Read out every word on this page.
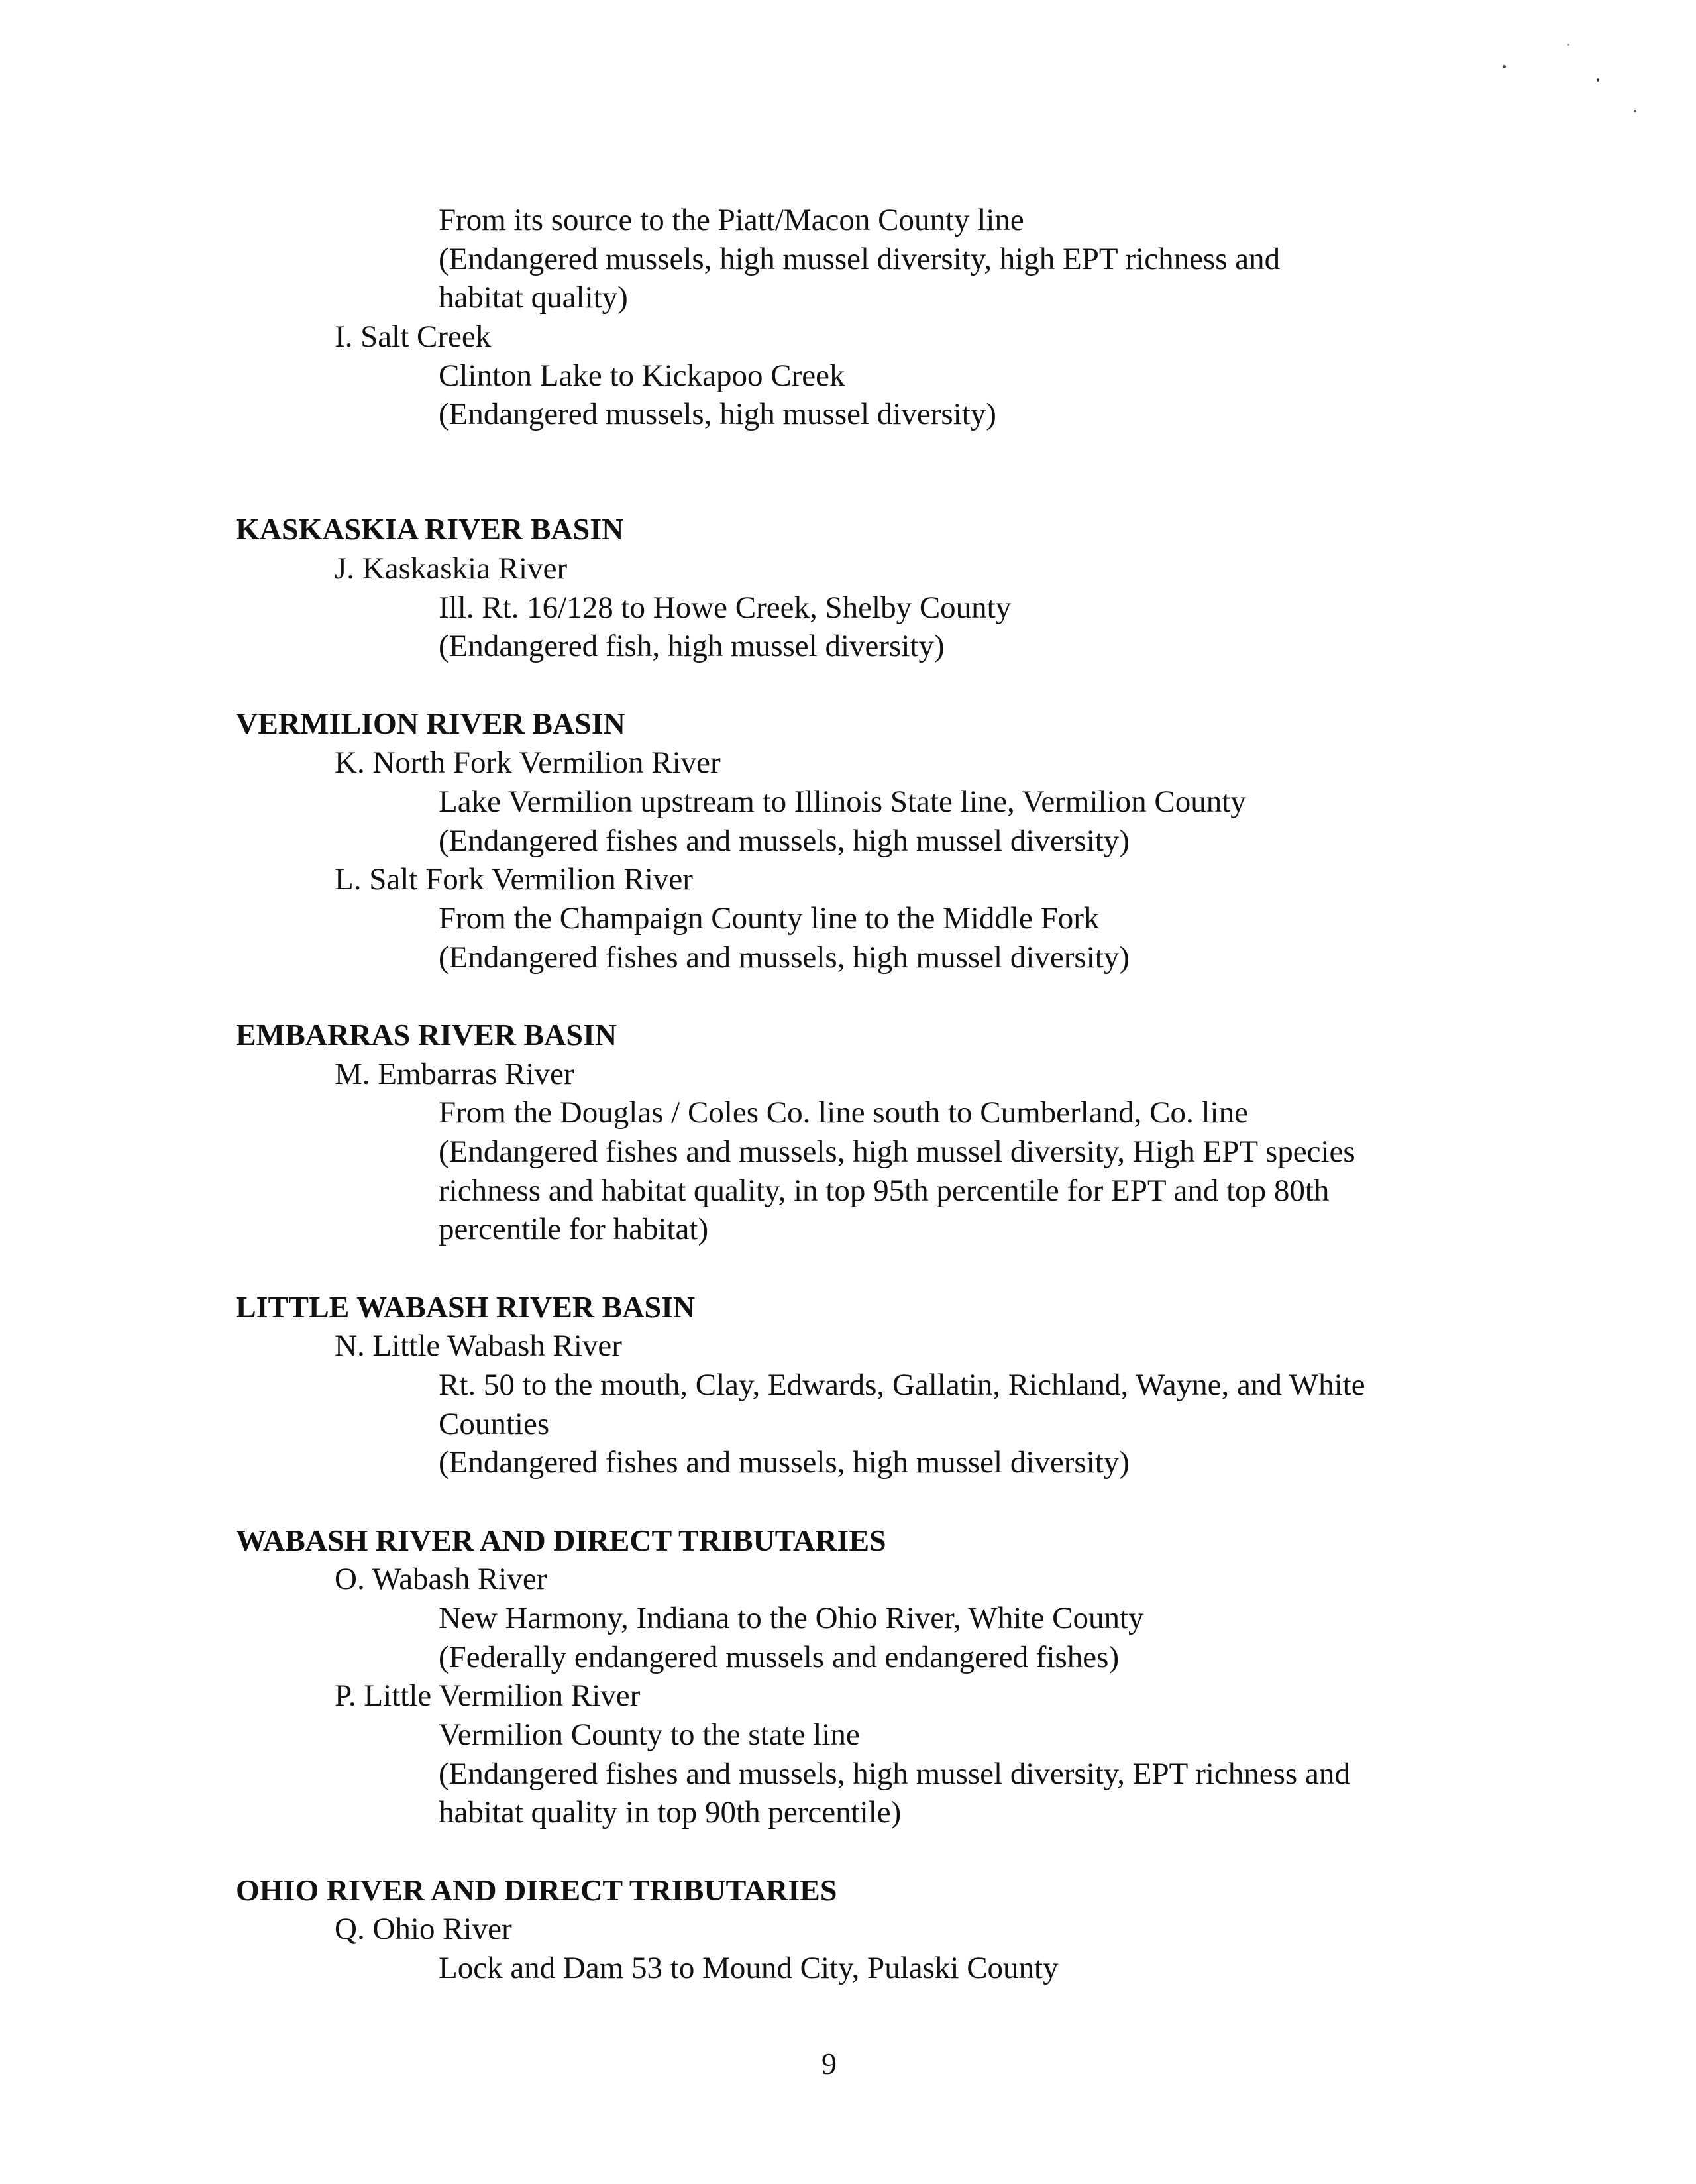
From its source to the Piatt/Macon County line
(Endangered mussels, high mussel diversity, high EPT richness and
habitat quality)
I. Salt Creek
Clinton Lake to Kickapoo Creek
(Endangered mussels, high mussel diversity)
KASKASKIA RIVER BASIN
J. Kaskaskia River
Ill. Rt. 16/128 to Howe Creek, Shelby County
(Endangered fish, high mussel diversity)
VERMILION RIVER BASIN
K. North Fork Vermilion River
Lake Vermilion upstream to Illinois State line, Vermilion County
(Endangered fishes and mussels, high mussel diversity)
L. Salt Fork Vermilion River
From the Champaign County line to the Middle Fork
(Endangered fishes and mussels, high mussel diversity)
EMBARRAS RIVER BASIN
M. Embarras River
From the Douglas / Coles Co. line south to Cumberland, Co. line
(Endangered fishes and mussels, high mussel diversity, High EPT species
richness and habitat quality, in top 95th percentile for EPT and top 80th
percentile for habitat)
LITTLE WABASH RIVER BASIN
N. Little Wabash River
Rt. 50 to the mouth, Clay, Edwards, Gallatin, Richland, Wayne, and White
Counties
(Endangered fishes and mussels, high mussel diversity)
WABASH RIVER AND DIRECT TRIBUTARIES
O. Wabash River
New Harmony, Indiana to the Ohio River, White County
(Federally endangered mussels and endangered fishes)
P. Little Vermilion River
Vermilion County to the state line
(Endangered fishes and mussels, high mussel diversity, EPT richness and
habitat quality in top 90th percentile)
OHIO RIVER AND DIRECT TRIBUTARIES
Q. Ohio River
Lock and Dam 53 to Mound City, Pulaski County
9
